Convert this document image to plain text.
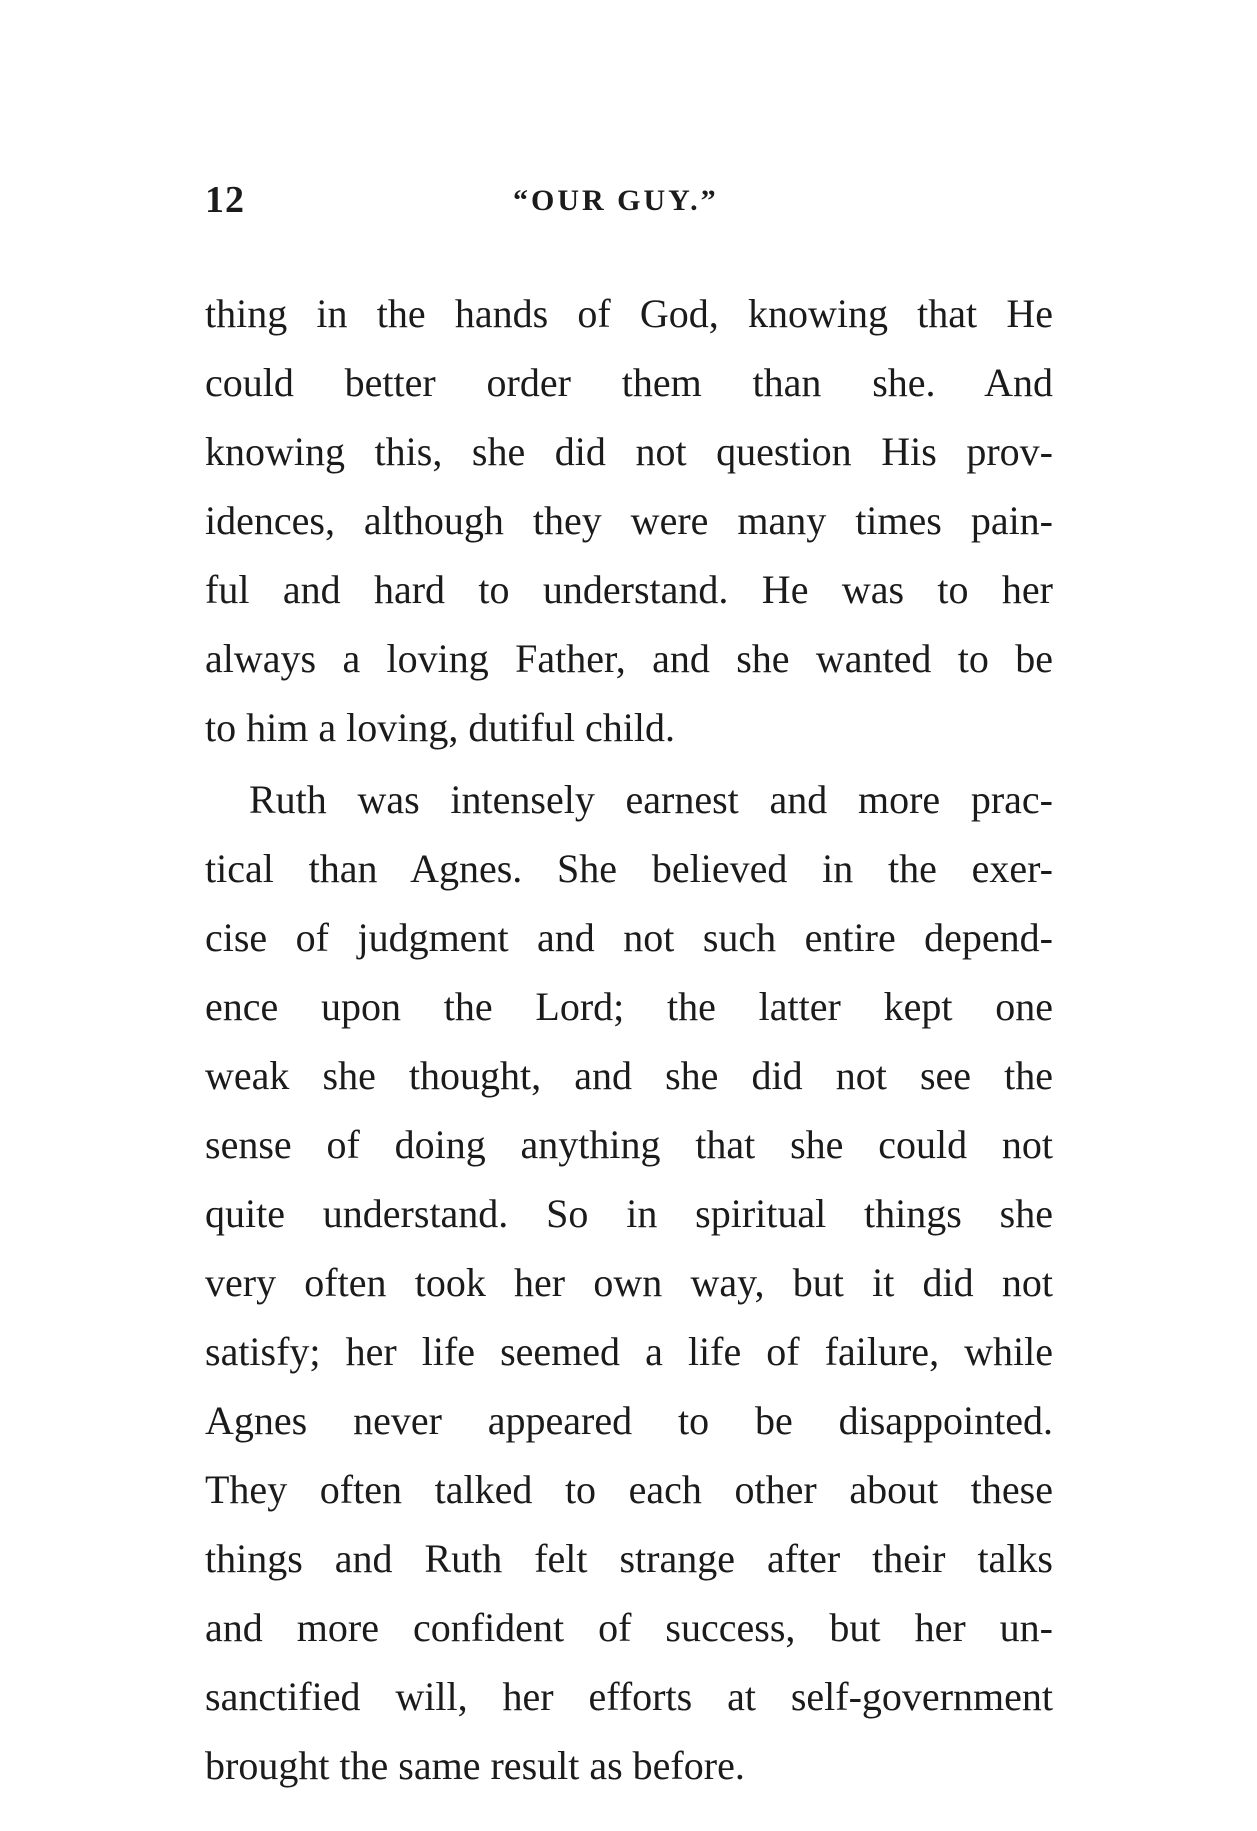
12	“OUR GUY.”
thing in the hands of God, knowing that He
could better order them than she. And
knowing this, she did not question His prov-
idences, although they were many times pain-
ful and hard to understand. He was to her
always a loving Father, and she wanted to be
to him a loving, dutiful child.
Ruth was intensely earnest and more prac-
tical than Agnes. She believed in the exer-
cise of judgment and not such entire depend-
ence upon the Lord; the latter kept one
weak she thought, and she did not see the
sense of doing anything that she could not
quite understand. So in spiritual things she
very often took her own way, but it did not
satisfy; her life seemed a life of failure, while
Agnes never appeared to be disappointed.
They often talked to each other about these
things and Ruth felt strange after their talks
and more confident of success, but her un-
sanctified will, her efforts at self-government
brought the same result as before.
